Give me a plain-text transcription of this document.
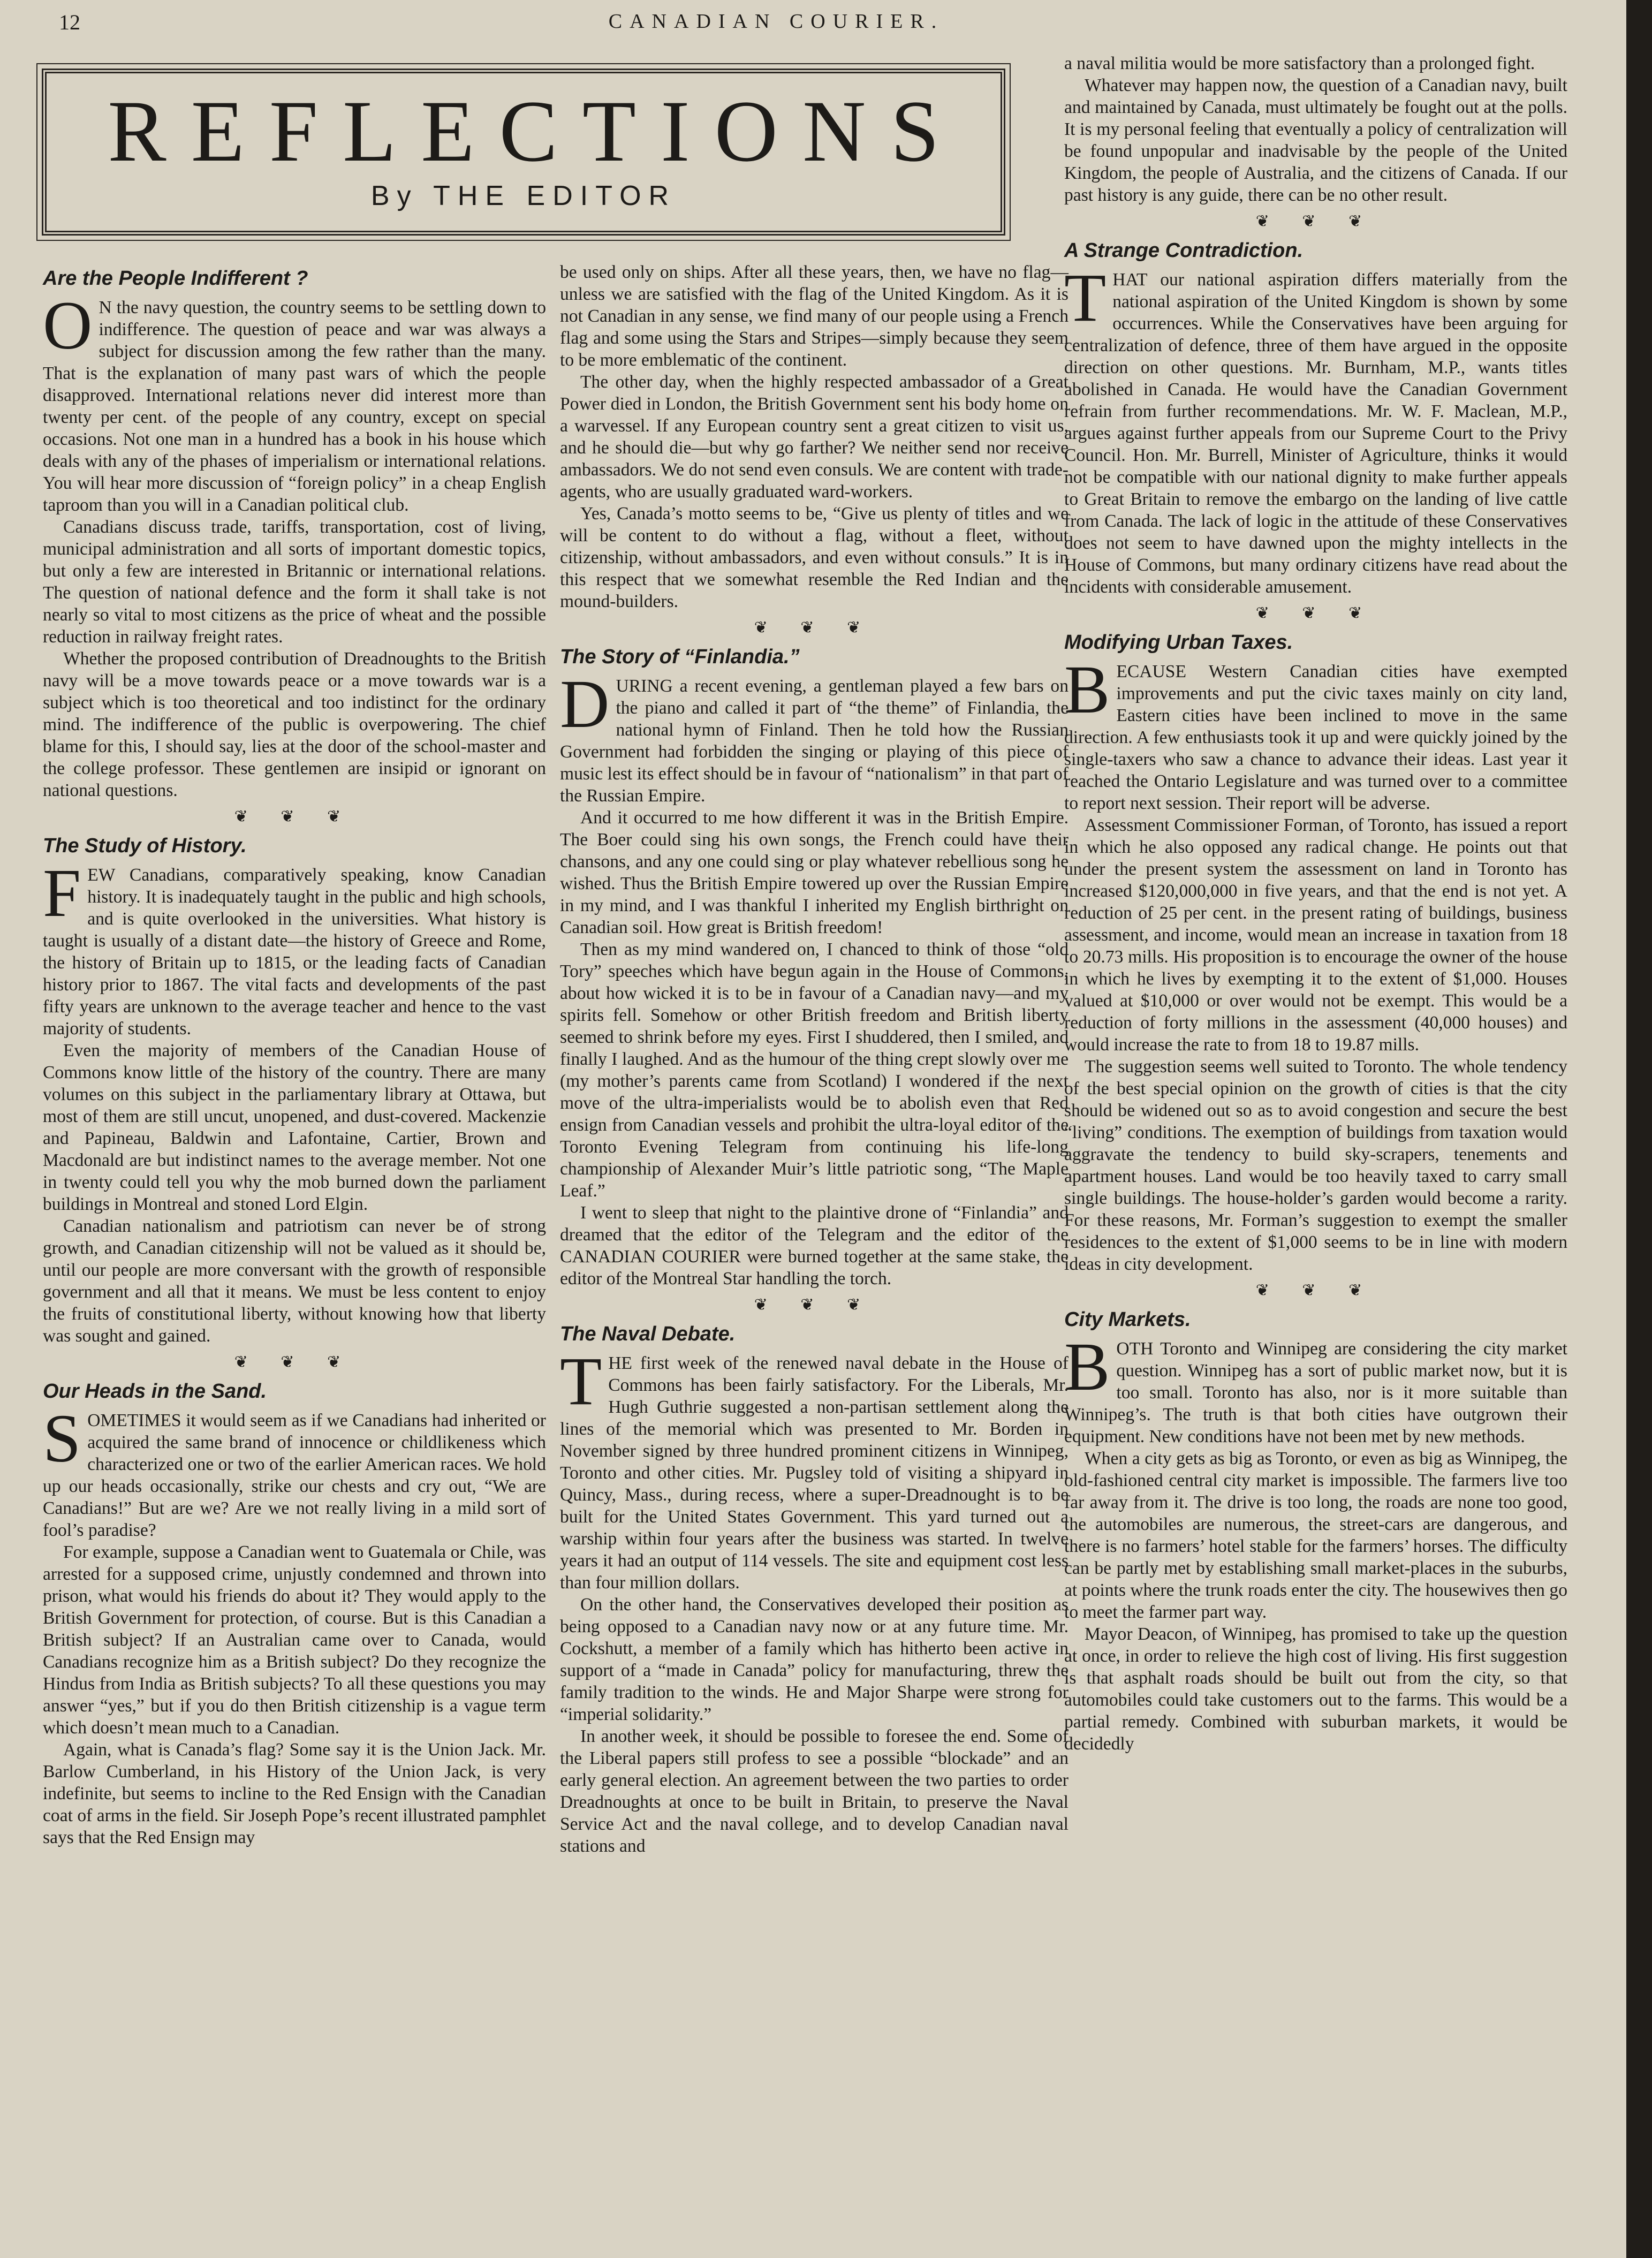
12	CANADIAN COURIER.
REFLECTIONS
By THE EDITOR
Are the People Indifferent ?

ON the navy question, the country seems to be settling down to indifference. The question of peace and war was always a subject for discussion among the few rather than the many. That is the explanation of many past wars of which the people disapproved. International relations never did interest more than twenty per cent. of the people of any country, except on special occasions. Not one man in a hundred has a book in his house which deals with any of the phases of imperialism or international relations. You will hear more discussion of “foreign policy” in a cheap English taproom than you will in a Canadian political club.

Canadians discuss trade, tariffs, transportation, cost of living, municipal administration and all sorts of important domestic topics, but only a few are interested in Britannic or international relations. The question of national defence and the form it shall take is not nearly so vital to most citizens as the price of wheat and the possible reduction in railway freight rates.

Whether the proposed contribution of Dreadnoughts to the British navy will be a move towards peace or a move towards war is a subject which is too theoretical and too indistinct for the ordinary mind. The indifference of the public is overpowering. The chief blame for this, I should say, lies at the door of the school-master and the college professor. These gentlemen are insipid or ignorant on national questions.

❦ ❦ ❦
The Study of History.

FEW Canadians, comparatively speaking, know Canadian history. It is inadequately taught in the public and high schools, and is quite overlooked in the universities. What history is taught is usually of a distant date—the history of Greece and Rome, the history of Britain up to 1815, or the leading facts of Canadian history prior to 1867. The vital facts and developments of the past fifty years are unknown to the average teacher and hence to the vast majority of students.

Even the majority of members of the Canadian House of Commons know little of the history of the country. There are many volumes on this subject in the parliamentary library at Ottawa, but most of them are still uncut, unopened, and dust-covered. Mackenzie and Papineau, Baldwin and Lafontaine, Cartier, Brown and Macdonald are but indistinct names to the average member. Not one in twenty could tell you why the mob burned down the parliament buildings in Montreal and stoned Lord Elgin.

Canadian nationalism and patriotism can never be of strong growth, and Canadian citizenship will not be valued as it should be, until our people are more conversant with the growth of responsible government and all that it means. We must be less content to enjoy the fruits of constitutional liberty, without knowing how that liberty was sought and gained.

❦ ❦ ❦
Our Heads in the Sand.

SOMETIMES it would seem as if we Canadians had inherited or acquired the same brand of innocence or childlikeness which characterized one or two of the earlier American races. We hold up our heads occasionally, strike our chests and cry out, “We are Canadians!” But are we? Are we not really living in a mild sort of fool’s paradise?

For example, suppose a Canadian went to Guatemala or Chile, was arrested for a supposed crime, unjustly condemned and thrown into prison, what would his friends do about it? They would apply to the British Government for protection, of course. But is this Canadian a British subject? If an Australian came over to Canada, would Canadians recognize him as a British subject? Do they recognize the Hindus from India as British subjects? To all these questions you may answer “yes,” but if you do then British citizenship is a vague term which doesn’t mean much to a Canadian.

Again, what is Canada’s flag? Some say it is the Union Jack. Mr. Barlow Cumberland, in his History of the Union Jack, is very indefinite, but seems to incline to the Red Ensign with the Canadian coat of arms in the field. Sir Joseph Pope’s recent illustrated pamphlet says that the Red Ensign may

be used only on ships. After all these years, then, we have no flag—unless we are satisfied with the flag of the United Kingdom. As it is not Canadian in any sense, we find many of our people using a French flag and some using the Stars and Stripes—simply because they seem to be more emblematic of the continent.

The other day, when the highly respected ambassador of a Great Power died in London, the British Government sent his body home on a warvessel. If any European country sent a great citizen to visit us, and he should die—but why go farther? We neither send nor receive ambassadors. We do not send even consuls. We are content with trade-agents, who are usually graduated ward-workers.

Yes, Canada’s motto seems to be, “Give us plenty of titles and we will be content to do without a flag, without a fleet, without citizenship, without ambassadors, and even without consuls.” It is in this respect that we somewhat resemble the Red Indian and the mound-builders.

❦ ❦ ❦
The Story of “Finlandia.”

DURING a recent evening, a gentleman played a few bars on the piano and called it part of “the theme” of Finlandia, the national hymn of Finland. Then he told how the Russian Government had forbidden the singing or playing of this piece of music lest its effect should be in favour of “nationalism” in that part of the Russian Empire.

And it occurred to me how different it was in the British Empire. The Boer could sing his own songs, the French could have their chansons, and any one could sing or play whatever rebellious song he wished. Thus the British Empire towered up over the Russian Empire in my mind, and I was thankful I inherited my English birthright on Canadian soil. How great is British freedom!

Then as my mind wandered on, I chanced to think of those “old Tory” speeches which have begun again in the House of Commons, about how wicked it is to be in favour of a Canadian navy—and my spirits fell. Somehow or other British freedom and British liberty seemed to shrink before my eyes. First I shuddered, then I smiled, and finally I laughed. And as the humour of the thing crept slowly over me (my mother’s parents came from Scotland) I wondered if the next move of the ultra-imperialists would be to abolish even that Red ensign from Canadian vessels and prohibit the ultra-loyal editor of the Toronto Evening Telegram from continuing his life-long championship of Alexander Muir’s little patriotic song, “The Maple Leaf.”

I went to sleep that night to the plaintive drone of “Finlandia” and dreamed that the editor of the Telegram and the editor of the CANADIAN COURIER were burned together at the same stake, the editor of the Montreal Star handling the torch.

❦ ❦ ❦
The Naval Debate.

THE first week of the renewed naval debate in the House of Commons has been fairly satisfactory. For the Liberals, Mr. Hugh Guthrie suggested a non-partisan settlement along the lines of the memorial which was presented to Mr. Borden in November signed by three hundred prominent citizens in Winnipeg, Toronto and other cities. Mr. Pugsley told of visiting a shipyard in Quincy, Mass., during recess, where a super-Dreadnought is to be built for the United States Government. This yard turned out a warship within four years after the business was started. In twelve years it had an output of 114 vessels. The site and equipment cost less than four million dollars.

On the other hand, the Conservatives developed their position as being opposed to a Canadian navy now or at any future time. Mr. Cockshutt, a member of a family which has hitherto been active in support of a “made in Canada” policy for manufacturing, threw the family tradition to the winds. He and Major Sharpe were strong for “imperial solidarity.”

In another week, it should be possible to foresee the end. Some of the Liberal papers still profess to see a possible “blockade” and an early general election. An agreement between the two parties to order Dreadnoughts at once to be built in Britain, to preserve the Naval Service Act and the naval college, and to develop Canadian naval stations and

a naval militia would be more satisfactory than a prolonged fight.

Whatever may happen now, the question of a Canadian navy, built and maintained by Canada, must ultimately be fought out at the polls. It is my personal feeling that eventually a policy of centralization will be found unpopular and inadvisable by the people of the United Kingdom, the people of Australia, and the citizens of Canada. If our past history is any guide, there can be no other result.

❦ ❦ ❦
A Strange Contradiction.

THAT our national aspiration differs materially from the national aspiration of the United Kingdom is shown by some occurrences. While the Conservatives have been arguing for centralization of defence, three of them have argued in the opposite direction on other questions. Mr. Burnham, M.P., wants titles abolished in Canada. He would have the Canadian Government refrain from further recommendations. Mr. W. F. Maclean, M.P., argues against further appeals from our Supreme Court to the Privy Council. Hon. Mr. Burrell, Minister of Agriculture, thinks it would not be compatible with our national dignity to make further appeals to Great Britain to remove the embargo on the landing of live cattle from Canada. The lack of logic in the attitude of these Conservatives does not seem to have dawned upon the mighty intellects in the House of Commons, but many ordinary citizens have read about the incidents with considerable amusement.

❦ ❦ ❦
Modifying Urban Taxes.

BECAUSE Western Canadian cities have exempted improvements and put the civic taxes mainly on city land, Eastern cities have been inclined to move in the same direction. A few enthusiasts took it up and were quickly joined by the single-taxers who saw a chance to advance their ideas. Last year it reached the Ontario Legislature and was turned over to a committee to report next session. Their report will be adverse.

Assessment Commissioner Forman, of Toronto, has issued a report in which he also opposed any radical change. He points out that under the present system the assessment on land in Toronto has increased $120,000,000 in five years, and that the end is not yet. A reduction of 25 per cent. in the present rating of buildings, business assessment, and income, would mean an increase in taxation from 18 to 20.73 mills. His proposition is to encourage the owner of the house in which he lives by exempting it to the extent of $1,000. Houses valued at $10,000 or over would not be exempt. This would be a reduction of forty millions in the assessment (40,000 houses) and would increase the rate to from 18 to 19.87 mills.

The suggestion seems well suited to Toronto. The whole tendency of the best special opinion on the growth of cities is that the city should be widened out so as to avoid congestion and secure the best “living” conditions. The exemption of buildings from taxation would aggravate the tendency to build sky-scrapers, tenements and apartment houses. Land would be too heavily taxed to carry small single buildings. The house-holder’s garden would become a rarity. For these reasons, Mr. Forman’s suggestion to exempt the smaller residences to the extent of $1,000 seems to be in line with modern ideas in city development.

❦ ❦ ❦
City Markets.

BOTH Toronto and Winnipeg are considering the city market question. Winnipeg has a sort of public market now, but it is too small. Toronto has also, nor is it more suitable than Winnipeg’s. The truth is that both cities have outgrown their equipment. New conditions have not been met by new methods.

When a city gets as big as Toronto, or even as big as Winnipeg, the old-fashioned central city market is impossible. The farmers live too far away from it. The drive is too long, the roads are none too good, the automobiles are numerous, the street-cars are dangerous, and there is no farmers’ hotel stable for the farmers’ horses. The difficulty can be partly met by establishing small market-places in the suburbs, at points where the trunk roads enter the city. The housewives then go to meet the farmer part way.

Mayor Deacon, of Winnipeg, has promised to take up the question at once, in order to relieve the high cost of living. His first suggestion is that asphalt roads should be built out from the city, so that automobiles could take customers out to the farms. This would be a partial remedy. Combined with suburban markets, it would be decidedly
